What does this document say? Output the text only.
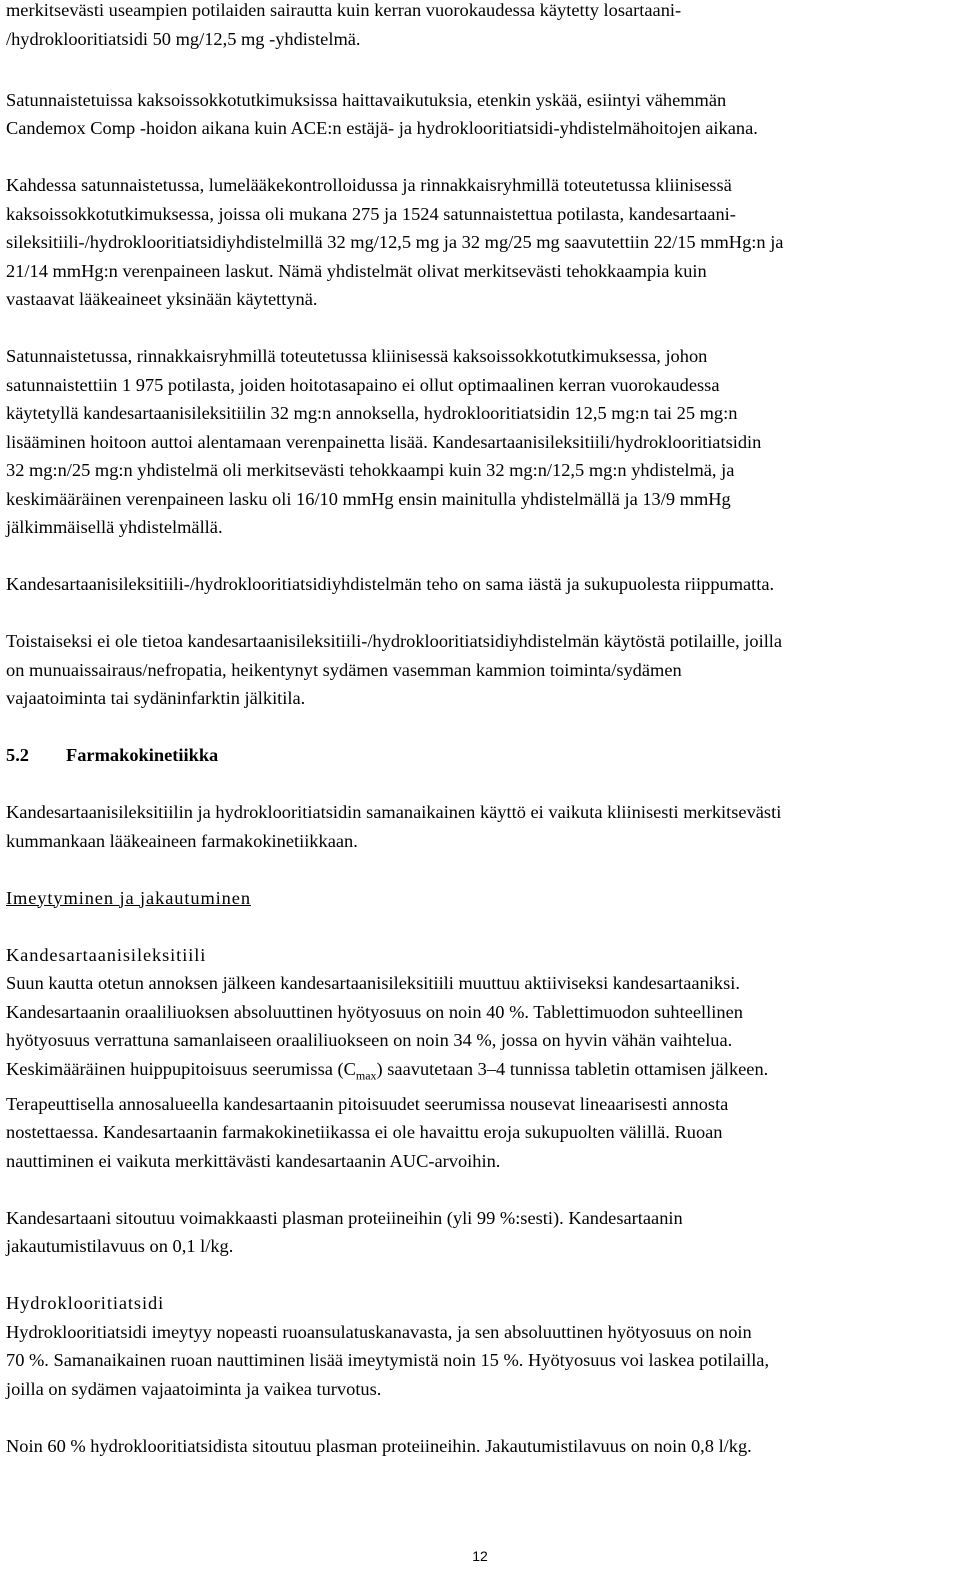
merkitsevästi useampien potilaiden sairautta kuin kerran vuorokaudessa käytetty losartaani-
/hydroklooritiatsidi 50 mg/12,5 mg -yhdistelmä.

Satunnaistetuissa kaksoissokkotutkimuksissa haittavaikutuksia, etenkin yskää, esiintyi vähemmän
Candemox Comp -hoidon aikana kuin ACE:n estäjä- ja hydroklooritiatsidi-yhdistelmähoitojen aikana.

Kahdessa satunnaistetussa, lumelääkekontrolloidussa ja rinnakkaisryhmillä toteutetussa kliinisessä
kaksoissokkotutkimuksessa, joissa oli mukana 275 ja 1524 satunnaistettua potilasta, kandesartaani-
sileksitiili-/hydroklooritiatsidiyhdistelmillä 32 mg/12,5 mg ja 32 mg/25 mg saavutettiin 22/15 mmHg:n ja
21/14 mmHg:n verenpaineen laskut. Nämä yhdistelmät olivat merkitsevästi tehokkaampia kuin
vastaavat lääkeaineet yksinään käytettynä.

Satunnaistetussa, rinnakkaisryhmillä toteutetussa kliinisessä kaksoissokkotutkimuksessa, johon
satunnaistettiin 1 975 potilasta, joiden hoitotasapaino ei ollut optimaalinen kerran vuorokaudessa
käytetyllä kandesartaanisileksitiilin 32 mg:n annoksella, hydroklooritiatsidin 12,5 mg:n tai 25 mg:n
lisääminen hoitoon auttoi alentamaan verenpainetta lisää. Kandesartaanisileksitiili/hydroklooritiatsidin
32 mg:n/25 mg:n yhdistelmä oli merkitsevästi tehokkaampi kuin 32 mg:n/12,5 mg:n yhdistelmä, ja
keskimääräinen verenpaineen lasku oli 16/10 mmHg ensin mainitulla yhdistelmällä ja 13/9 mmHg
jälkimmäisellä yhdistelmällä.

Kandesartaanisileksitiili-/hydroklooritiatsidiyhdistelmän teho on sama iästä ja sukupuolesta riippumatta.

Toistaiseksi ei ole tietoa kandesartaanisileksitiili-/hydroklooritiatsidiyhdistelmän käytöstä potilaille, joilla
on munuaissairaus/nefropatia, heikentynyt sydämen vasemman kammion toiminta/sydämen
vajaatoiminta tai sydäninfarktin jälkitila.

5.2	Farmakokinetiikka

Kandesartaanisileksitiilin ja hydroklooritiatsidin samanaikainen käyttö ei vaikuta kliinisesti merkitsevästi
kummankaan lääkeaineen farmakokinetiikkaan.

Imeytyminen ja jakautuminen

Kandesartaanisileksitiili

Suun kautta otetun annoksen jälkeen kandesartaanisileksitiili muuttuu aktiiviseksi kandesartaaniksi.
Kandesartaanin oraaliliuoksen absoluuttinen hyötyosuus on noin 40 %. Tablettimuodon suhteellinen
hyötyosuus verrattuna samanlaiseen oraaliliuokseen on noin 34 %, jossa on hyvin vähän vaihtelua.
Keskimääräinen huippupitoisuus seerumissa $(C_{max})$ saavutetaan 3–4 tunnissa tabletin ottamisen jälkeen.
Terapeuttisella annosalueella kandesartaanin pitoisuudet seerumissa nousevat lineaarisesti annosta
nostettaessa. Kandesartaanin farmakokinetiikassa ei ole havaittu eroja sukupuolten välillä. Ruoan
nauttiminen ei vaikuta merkittävästi kandesartaanin AUC-arvoihin.

Kandesartaani sitoutuu voimakkaasti plasman proteiineihin (yli 99 %:sesti). Kandesartaanin
jakautumistilavuus on 0,1 l/kg.

Hydroklooritiatsidi

Hydroklooritiatsidi imeytyy nopeasti ruoansulatuskanavasta, ja sen absoluuttinen hyötyosuus on noin
70 %. Samanaikainen ruoan nauttiminen lisää imeytymistä noin 15 %. Hyötyosuus voi laskea potilailla,
joilla on sydämen vajaatoiminta ja vaikea turvotus.

Noin 60 % hydroklooritiatsidista sitoutuu plasman proteiineihin. Jakautumistilavuus on noin 0,8 l/kg.

12
